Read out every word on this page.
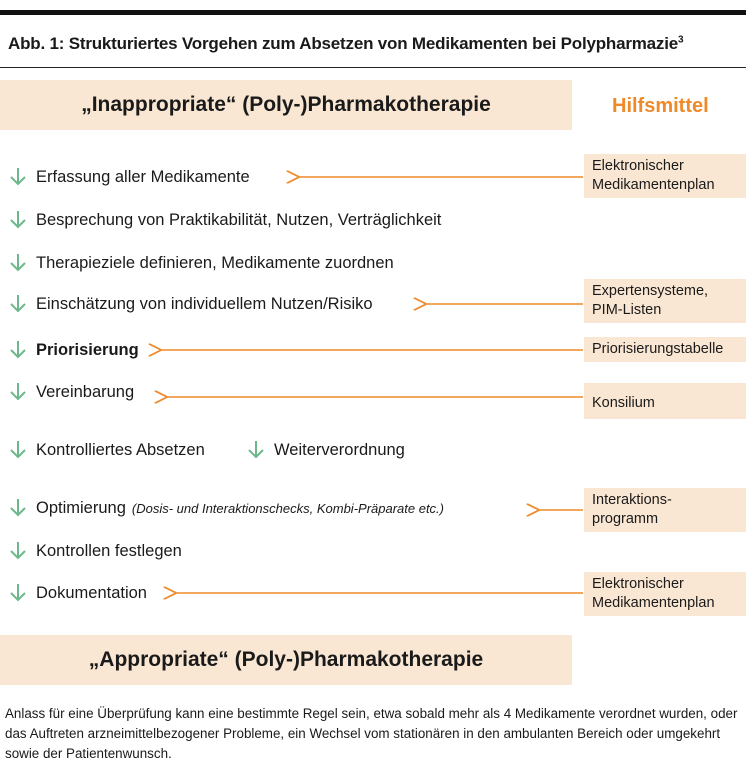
Abb. 1: Strukturiertes Vorgehen zum Absetzen von Medikamenten bei Polypharmazie$^3$
„Inappropriate“ (Poly-)Pharmakotherapie	Hilfsmittel
Erfassung aller Medikamente
Besprechung von Praktikabilität, Nutzen, Verträglichkeit
Therapieziele definieren, Medikamente zuordnen
Einschätzung von individuellem Nutzen/Risiko
Priorisierung
Vereinbarung
Kontrolliertes Absetzen	Weiterverordnung
Optimierung (Dosis- und Interaktionschecks, Kombi-Präparate etc.)
Kontrollen festlegen
Dokumentation
Elektronischer
Medikamentenplan
Expertensysteme,
PIM-Listen
Priorisierungstabelle
Konsilium
Interaktions-
programm
Elektronischer
Medikamentenplan
„Appropriate“ (Poly-)Pharmakotherapie
Anlass für eine Überprüfung kann eine bestimmte Regel sein, etwa sobald mehr als 4 Medikamente verordnet wurden, oder das Auftreten arzneimittelbezogener Probleme, ein Wechsel vom stationären in den ambulanten Bereich oder umgekehrt sowie der Patientenwunsch.
